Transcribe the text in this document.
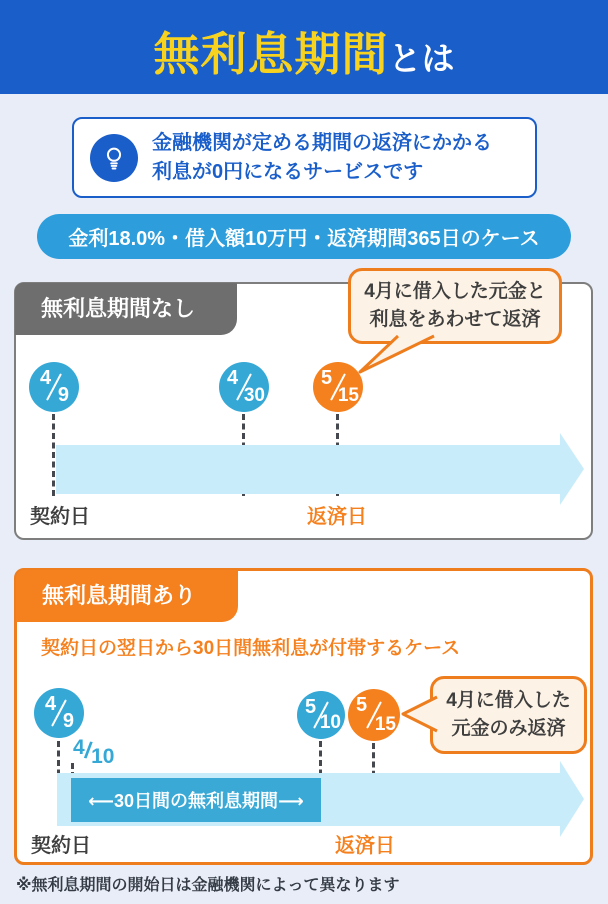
無利息期間 とは
金融機関が定める期間の返済にかかる
利息が0円になるサービスです
金利18.0%・借入額10万円・返済期間365日のケース
無利息期間なし
4月に借入した元金と
利息をあわせて返済
4
9
4
30
5
15
契約日	返済日
無利息期間あり
契約日の翌日から30日間無利息が付帯するケース
4月に借入した
元金のみ返済
4
9
5
10
5
15
4/10
⟵30日間の無利息期間⟶
契約日	返済日
※無利息期間の開始日は金融機関によって異なります
